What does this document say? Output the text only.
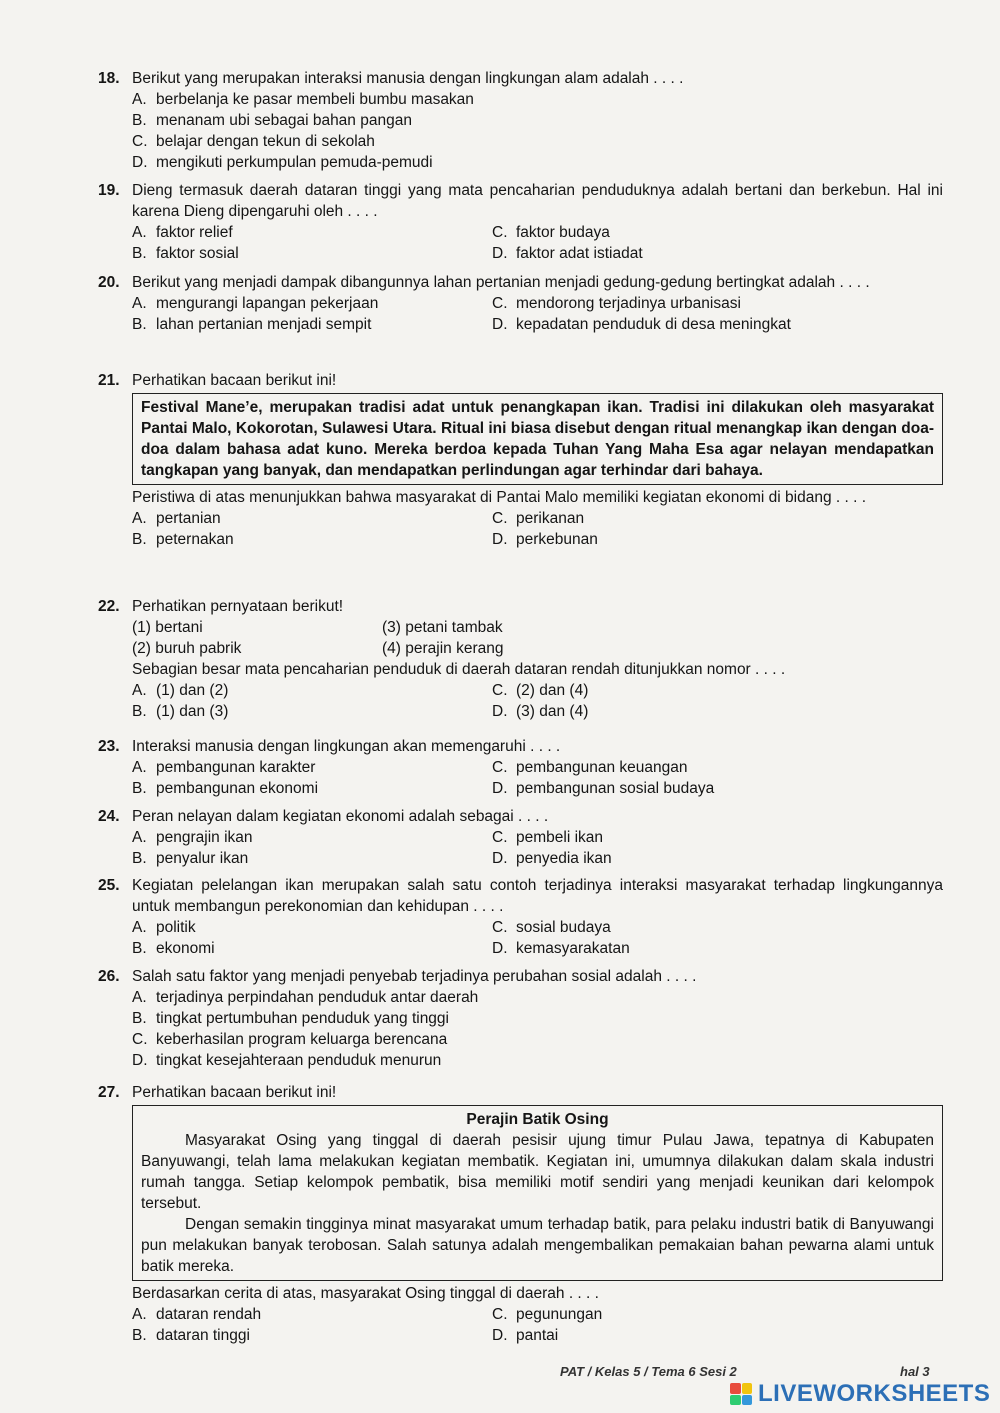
18. Berikut yang merupakan interaksi manusia dengan lingkungan alam adalah . . . .
A. berbelanja ke pasar membeli bumbu masakan
B. menanam ubi sebagai bahan pangan
C. belajar dengan tekun di sekolah
D. mengikuti perkumpulan pemuda-pemudi
19. Dieng termasuk daerah dataran tinggi yang mata pencaharian penduduknya adalah bertani dan berkebun. Hal ini karena Dieng dipengaruhi oleh . . . .
A. faktor relief	C. faktor budaya
B. faktor sosial	D. faktor adat istiadat
20. Berikut yang menjadi dampak dibangunnya lahan pertanian menjadi gedung-gedung bertingkat adalah . . . .
A. mengurangi lapangan pekerjaan	C. mendorong terjadinya urbanisasi
B. lahan pertanian menjadi sempit	D. kepadatan penduduk di desa meningkat
21. Perhatikan bacaan berikut ini!
Festival Mane’e, merupakan tradisi adat untuk penangkapan ikan. Tradisi ini dilakukan oleh masyarakat Pantai Malo, Kokorotan, Sulawesi Utara. Ritual ini biasa disebut dengan ritual menangkap ikan dengan doa-doa dalam bahasa adat kuno. Mereka berdoa kepada Tuhan Yang Maha Esa agar nelayan mendapatkan tangkapan yang banyak, dan mendapatkan perlindungan agar terhindar dari bahaya.
Peristiwa di atas menunjukkan bahwa masyarakat di Pantai Malo memiliki kegiatan ekonomi di bidang . . . .
A. pertanian	C. perikanan
B. peternakan	D. perkebunan
22. Perhatikan pernyataan berikut!
(1) bertani	(3) petani tambak
(2) buruh pabrik	(4) perajin kerang
Sebagian besar mata pencaharian penduduk di daerah dataran rendah ditunjukkan nomor . . . .
A. (1) dan (2)	C. (2) dan (4)
B. (1) dan (3)	D. (3) dan (4)
23. Interaksi manusia dengan lingkungan akan memengaruhi . . . .
A. pembangunan karakter	C. pembangunan keuangan
B. pembangunan ekonomi	D. pembangunan sosial budaya
24. Peran nelayan dalam kegiatan ekonomi adalah sebagai . . . .
A. pengrajin ikan	C. pembeli ikan
B. penyalur ikan	D. penyedia ikan
25. Kegiatan pelelangan ikan merupakan salah satu contoh terjadinya interaksi masyarakat terhadap lingkungannya untuk membangun perekonomian dan kehidupan . . . .
A. politik	C. sosial budaya
B. ekonomi	D. kemasyarakatan
26. Salah satu faktor yang menjadi penyebab terjadinya perubahan sosial adalah . . . .
A. terjadinya perpindahan penduduk antar daerah
B. tingkat pertumbuhan penduduk yang tinggi
C. keberhasilan program keluarga berencana
D. tingkat kesejahteraan penduduk menurun
27. Perhatikan bacaan berikut ini!
Perajin Batik Osing

Masyarakat Osing yang tinggal di daerah pesisir ujung timur Pulau Jawa, tepatnya di Kabupaten Banyuwangi, telah lama melakukan kegiatan membatik. Kegiatan ini, umumnya dilakukan dalam skala industri rumah tangga. Setiap kelompok pembatik, bisa memiliki motif sendiri yang menjadi keunikan dari kelompok tersebut.

Dengan semakin tingginya minat masyarakat umum terhadap batik, para pelaku industri batik di Banyuwangi pun melakukan banyak terobosan. Salah satunya adalah mengembalikan pemakaian bahan pewarna alami untuk batik mereka.

Berdasarkan cerita di atas, masyarakat Osing tinggal di daerah . . . .
A. dataran rendah	C. pegunungan
B. dataran tinggi	D. pantai
PAT / Kelas 5 / Tema 6 Sesi 2	hal 3
LIVEWORKSHEETS
